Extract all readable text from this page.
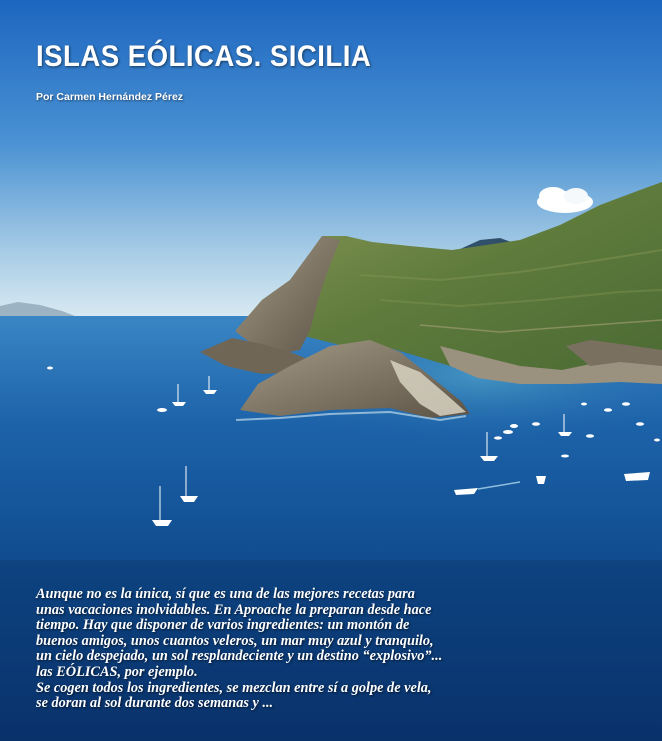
ISLAS EÓLICAS. SICILIA
Por Carmen Hernández Pérez
Aunque no es la única, sí que es una de las mejores recetas para
unas vacaciones inolvidables. En Aproache la preparan desde hace
tiempo. Hay que disponer de varios ingredientes: un montón de
buenos amigos, unos cuantos veleros, un mar muy azul y tranquilo,
un cielo despejado, un sol resplandeciente y un destino “explosivo”...
las EÓLICAS, por ejemplo.
Se cogen todos los ingredientes, se mezclan entre sí a golpe de vela,
se doran al sol durante dos semanas y ...
